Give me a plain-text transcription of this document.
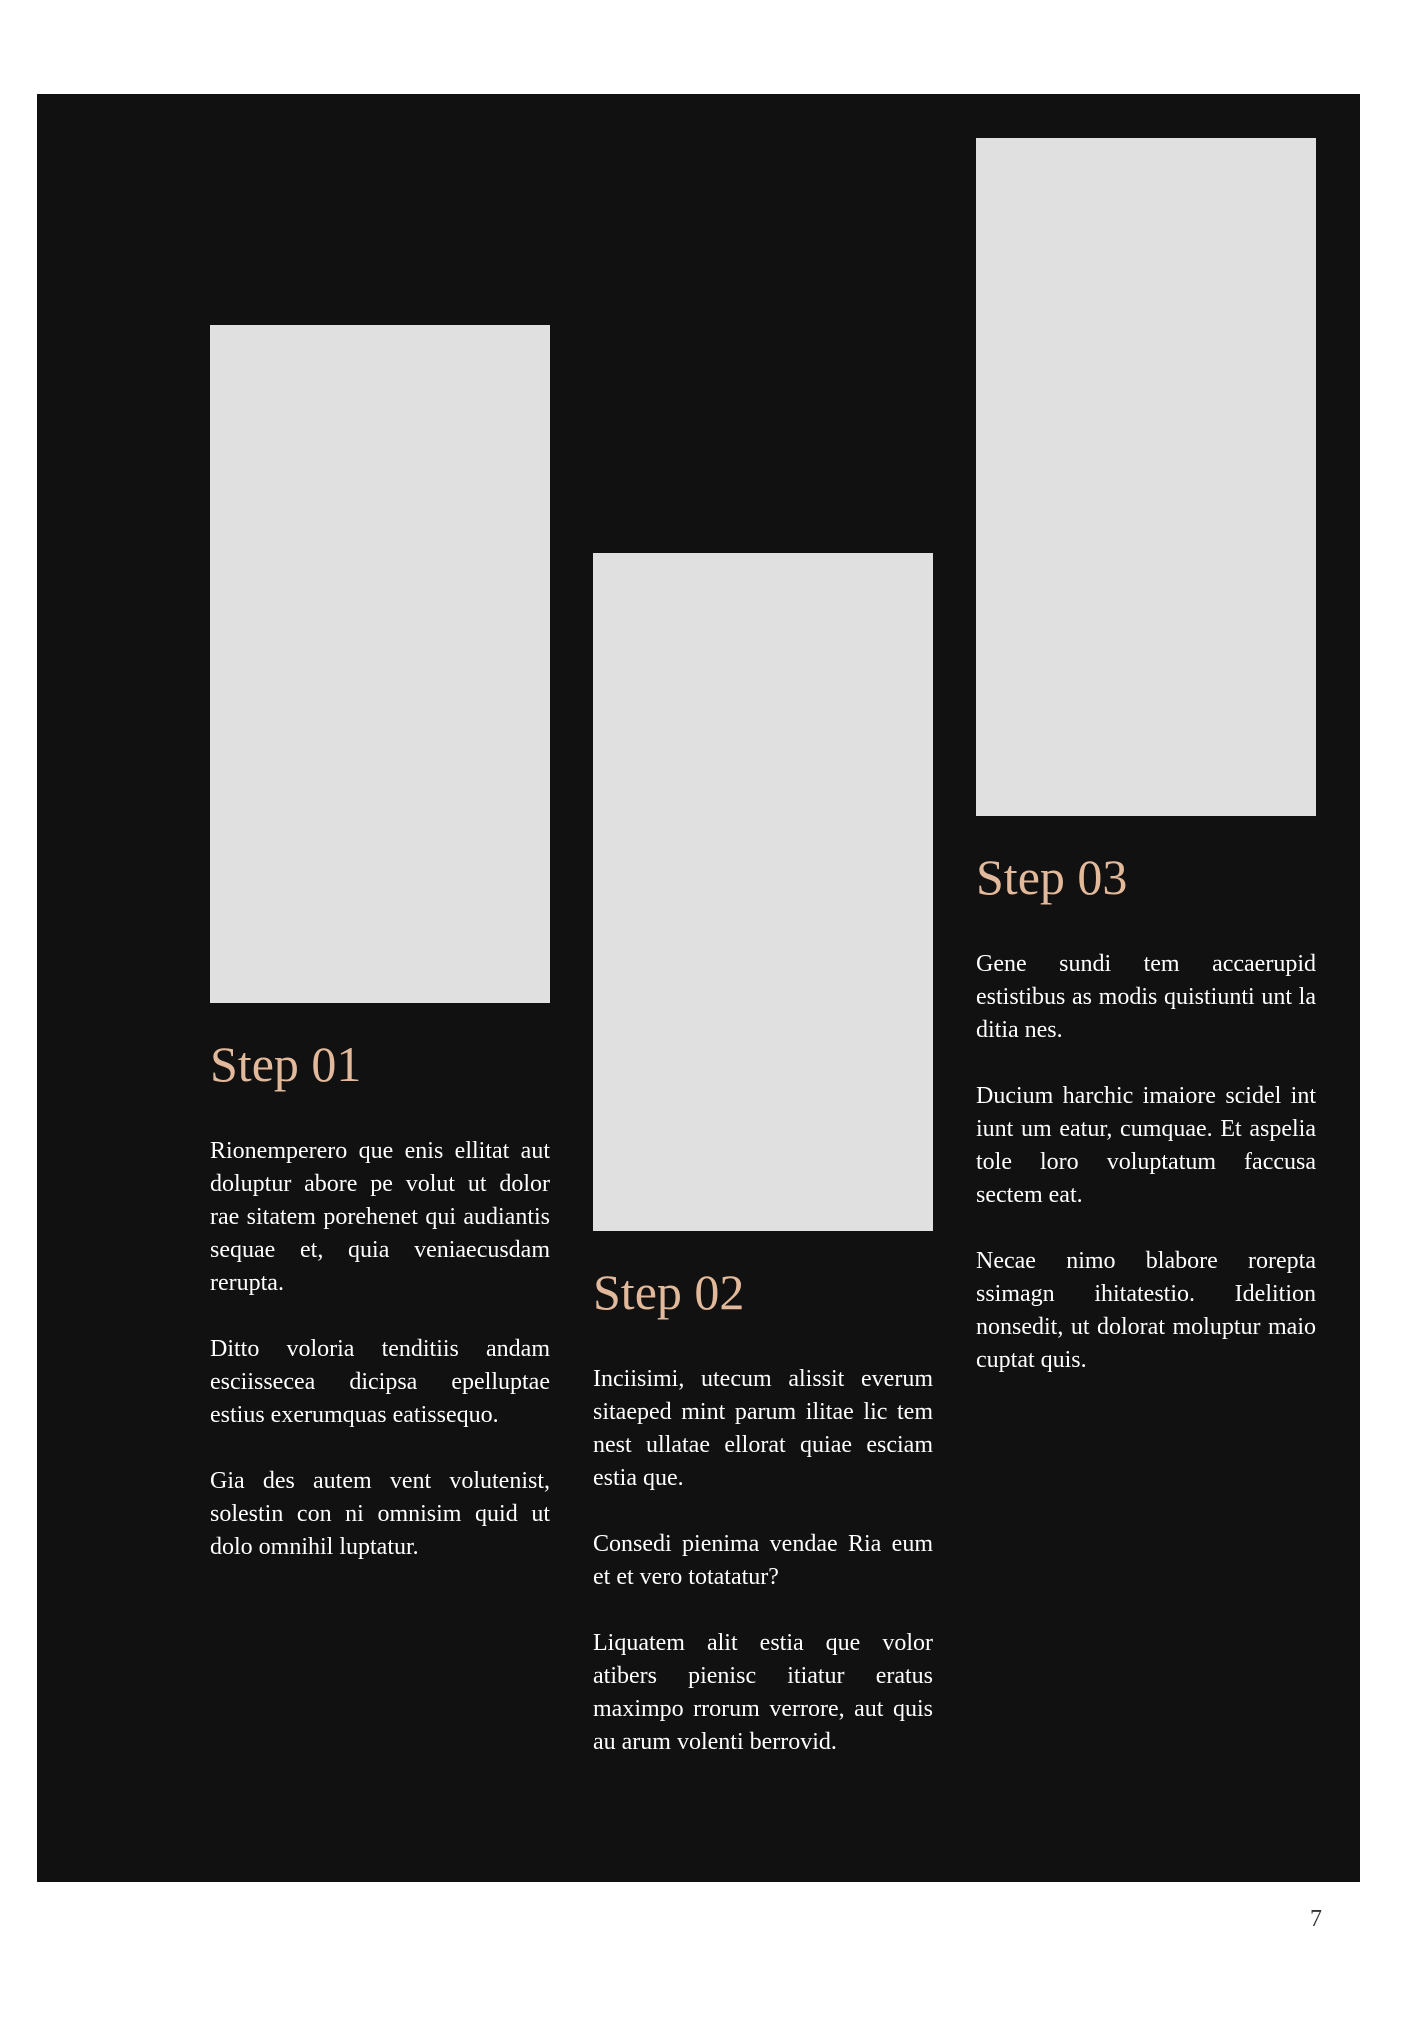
Step 01

Rionemperero que enis ellitat aut doluptur abore pe volut ut dolor rae sitatem porehenet qui audiantis sequae et, quia veniaecusdam rerupta.

Ditto voloria tenditiis andam esciissecea dicipsa epelluptae estius exerumquas eatissequo.

Gia des autem vent volutenist, solestin con ni omnisim quid ut dolo omnihil luptatur.

Step 02

Inciisimi, utecum alissit everum sitaeped mint parum ilitae lic tem nest ullatae ellorat quiae esciam estia que.

Consedi pienima vendae Ria eum et et vero totatatur?

Liquatem alit estia que volor atibers pienisc itiatur eratus maximpo rrorum verrore, aut quis au arum volenti berrovid.

Step 03

Gene sundi tem accaerupid estistibus as modis quistiunti unt la ditia nes.

Ducium harchic imaiore scidel int iunt um eatur, cumquae. Et aspelia tole loro voluptatum faccusa sectem eat.

Necae nimo blabore rorepta ssimagn ihitatestio. Idelition nonsedit, ut dolorat moluptur maio cuptat quis.

7
